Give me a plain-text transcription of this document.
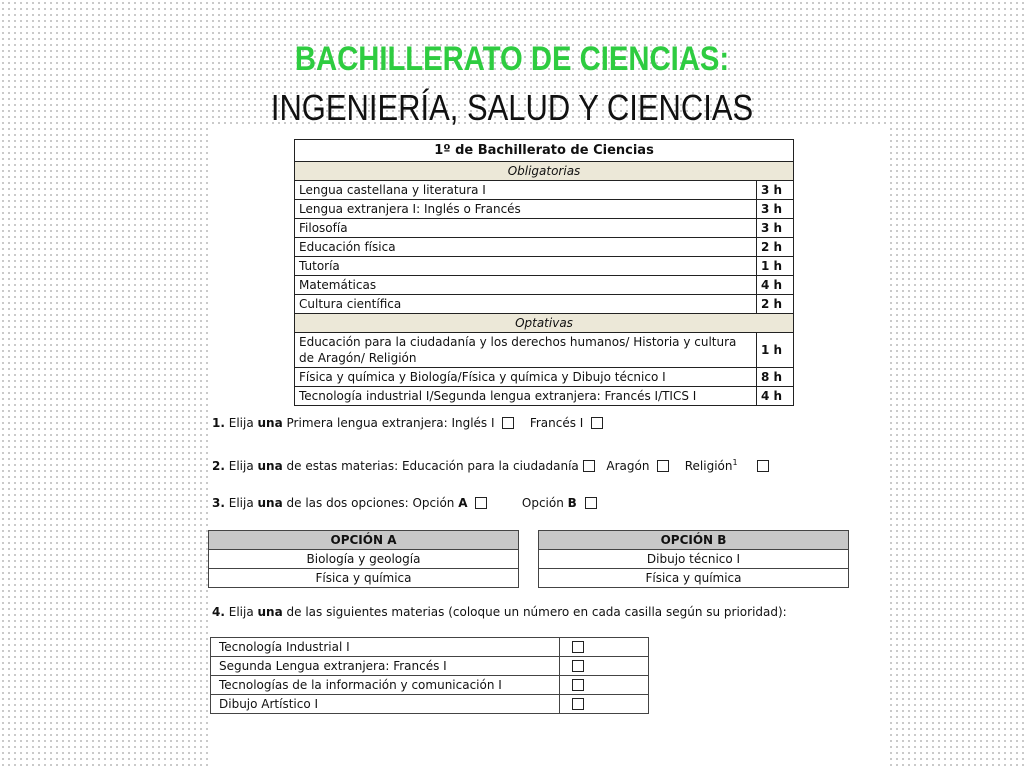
BACHILLERATO DE CIENCIAS:
INGENIERÍA, SALUD Y CIENCIAS
1º de Bachillerato de Ciencias	
Obligatorias	
Lengua castellana y literatura I	3 h
Lengua extranjera I: Inglés o Francés	3 h
Filosofía	3 h
Educación física	2 h
Tutoría	1 h
Matemáticas	4 h
Cultura científica	2 h
Optativas	
Educación para la ciudadanía y los derechos humanos/ Historia y cultura de Aragón/ Religión	1 h
Física y química y Biología/Física y química y Dibujo técnico I	8 h
Tecnología industrial I/Segunda lengua extranjera: Francés I/TICS I	4 h
1. Elija una Primera lengua extranjera: Inglés I	Francés I
2. Elija una de estas materias: Educación para la ciudadanía Aragón	Religión$^1$
3. Elija una de las dos opciones: Opción A	Opción B
OPCIÓN A
Biología y geología
Física y química
OPCIÓN B
Dibujo técnico I
Física y química
4. Elija una de las siguientes materias (coloque un número en cada casilla según su prioridad):
Tecnología Industrial I	
Segunda Lengua extranjera: Francés I	
Tecnologías de la información y comunicación I	
Dibujo Artístico I	
